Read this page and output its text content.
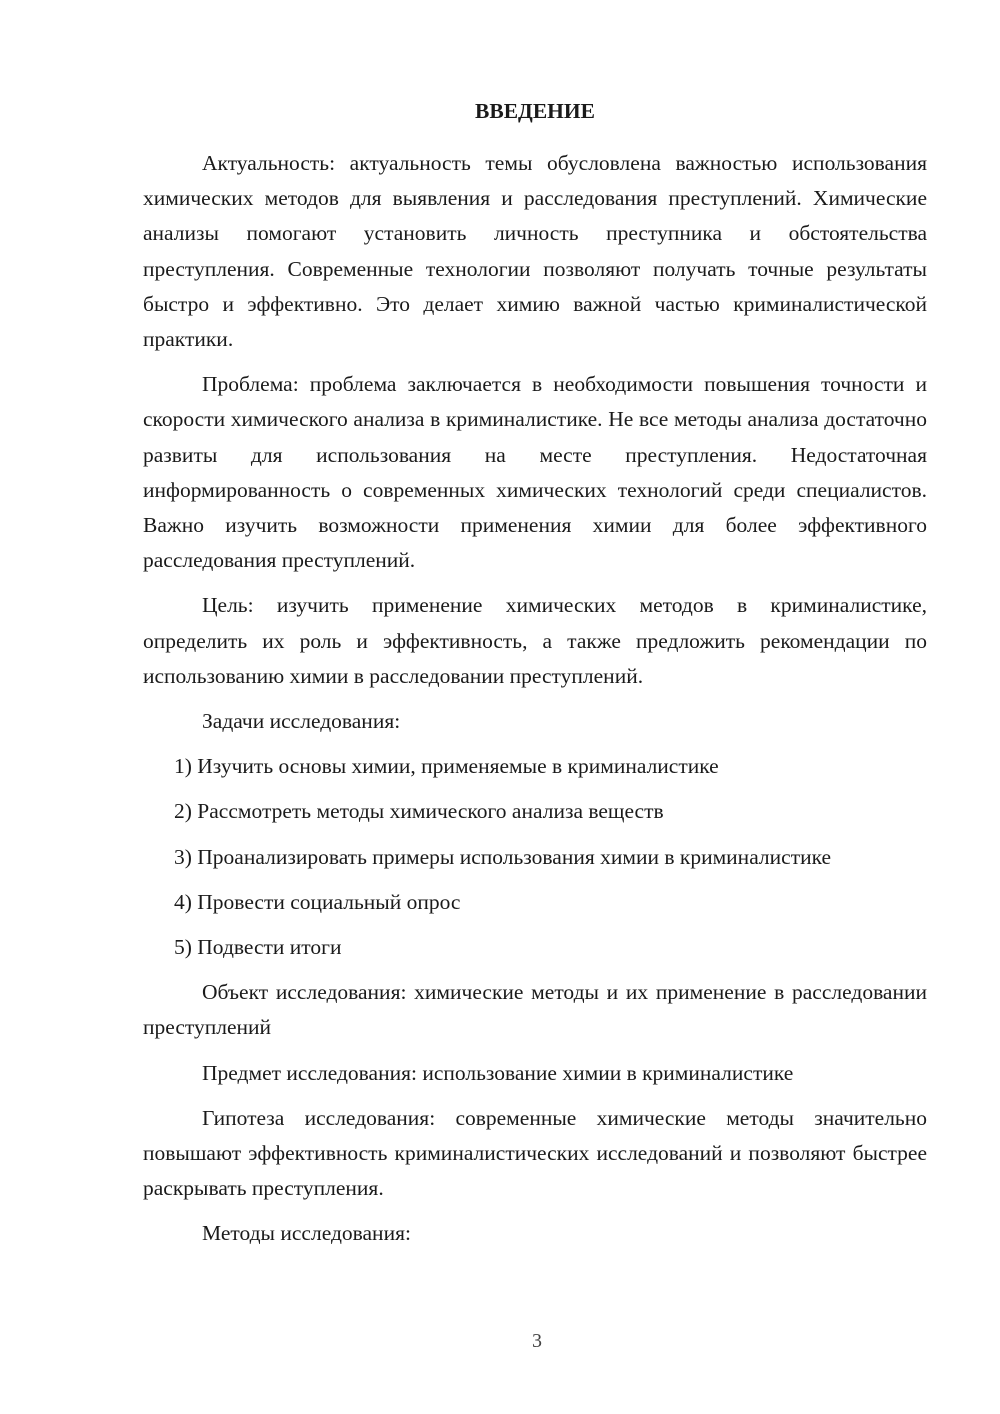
ВВЕДЕНИЕ

Актуальность: актуальность темы обусловлена важностью использования химических методов для выявления и расследования преступлений. Химические анализы помогают установить личность преступника и обстоятельства преступления. Современные технологии позволяют получать точные результаты быстро и эффективно. Это делает химию важной частью криминалистической практики.

Проблема: проблема заключается в необходимости повышения точности и скорости химического анализа в криминалистике. Не все методы анализа достаточно развиты для использования на месте преступления. Недостаточная информированность о современных химических технологий среди специалистов. Важно изучить возможности применения химии для более эффективного расследования преступлений.

Цель: изучить применение химических методов в криминалистике, определить их роль и эффективность, а также предложить рекомендации по использованию химии в расследовании преступлений.

Задачи исследования:

1) Изучить основы химии, применяемые в криминалистике

2) Рассмотреть методы химического анализа веществ

3) Проанализировать примеры использования химии в криминалистике

4) Провести социальный опрос

5) Подвести итоги

Объект исследования: химические методы и их применение в расследовании преступлений

Предмет исследования: использование химии в криминалистике

Гипотеза исследования: современные химические методы значительно повышают эффективность криминалистических исследований и позволяют быстрее раскрывать преступления.

Методы исследования:

3
